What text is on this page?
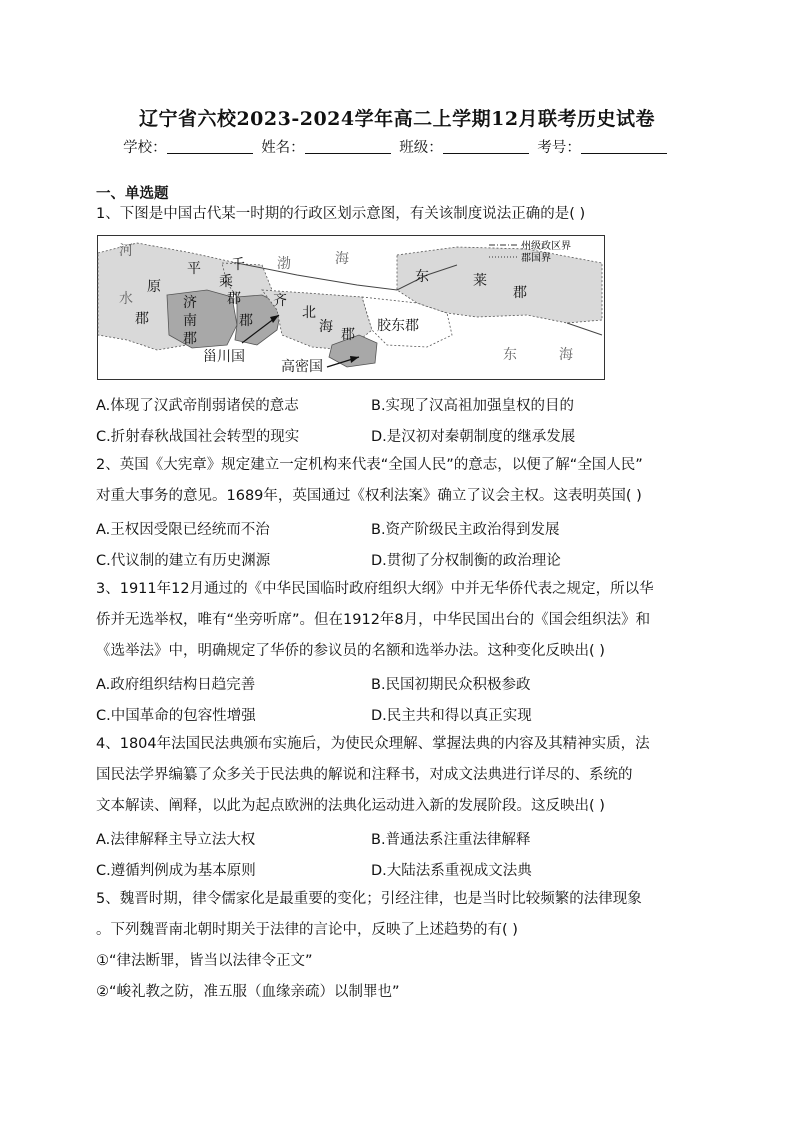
辽宁省六校2023-2024学年高二上学期12月联考历史试卷
学校：	姓名：	班级：	考号：
一、单选题
1、下图是中国古代某一时期的行政区划示意图，有关该制度说法正确的是( )
州级政区界
郡国界
渤	海
河
水
郡
平
原
千
乘
郡
济
南
郡
齐
郡	北
海 郡
胶东郡
东	莱
郡
甾川国
高密国
东	海
A.体现了汉武帝削弱诸侯的意志	B.实现了汉高祖加强皇权的目的
C.折射春秋战国社会转型的现实	D.是汉初对秦朝制度的继承发展
2、英国《大宪章》规定建立一定机构来代表“全国人民”的意志，以便了解“全国人民”
对重大事务的意见。1689年，英国通过《权利法案》确立了议会主权。这表明英国( )
A.王权因受限已经统而不治	B.资产阶级民主政治得到发展
C.代议制的建立有历史渊源	D.贯彻了分权制衡的政治理论
3、1911年12月通过的《中华民国临时政府组织大纲》中并无华侨代表之规定，所以华
侨并无选举权，唯有“坐旁听席”。但在1912年8月，中华民国出台的《国会组织法》和
《选举法》中，明确规定了华侨的参议员的名额和选举办法。这种变化反映出( )
A.政府组织结构日趋完善	B.民国初期民众积极参政
C.中国革命的包容性增强	D.民主共和得以真正实现
4、1804年法国民法典颁布实施后，为使民众理解、掌握法典的内容及其精神实质，法
国民法学界编纂了众多关于民法典的解说和注释书，对成文法典进行详尽的、系统的
文本解读、阐释，以此为起点欧洲的法典化运动进入新的发展阶段。这反映出( )
A.法律解释主导立法大权	B.普通法系注重法律解释
C.遵循判例成为基本原则	D.大陆法系重视成文法典
5、魏晋时期，律令儒家化是最重要的变化；引经注律，也是当时比较频繁的法律现象
。下列魏晋南北朝时期关于法律的言论中，反映了上述趋势的有( )
①“律法断罪，皆当以法律令正文”
②“峻礼教之防，准五服（血缘亲疏）以制罪也”
